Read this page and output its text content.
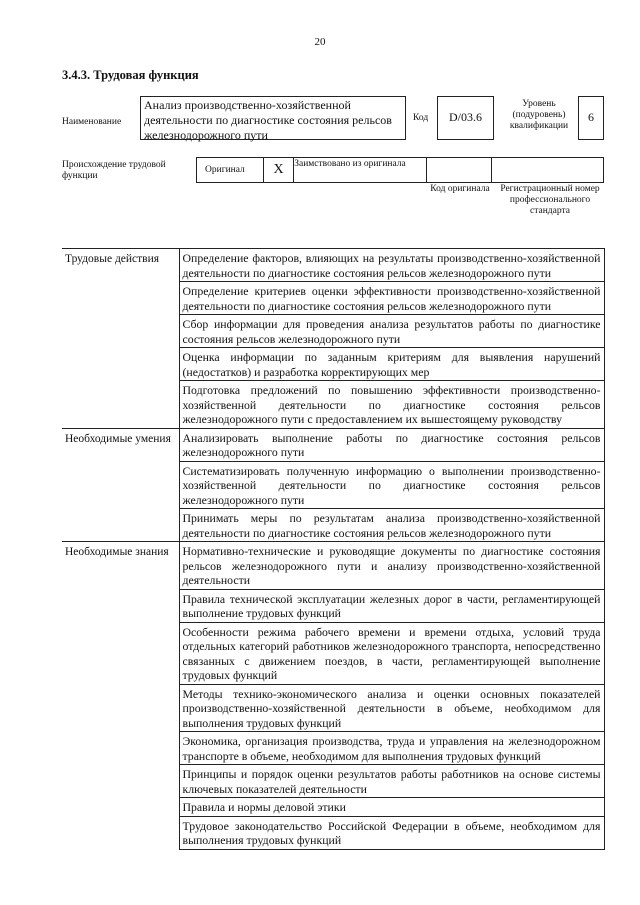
20
3.4.3. Трудовая функция
Наименование
Анализ производственно-хозяйственной деятельности по диагностике состояния рельсов железнодорожного пути
Код	D/03.6
Уровень (подуровень) квалификации
6
Происхождение трудовой функции
Оригинал	X	Заимствовано из оригинала
Код оригинала	Регистрационный номер профессионального стандарта
Трудовые действия	Определение факторов, влияющих на результаты производственно-хозяйственной деятельности по диагностике состояния рельсов железнодорожного пути
	Определение критериев оценки эффективности производственно-хозяйственной деятельности по диагностике состояния рельсов железнодорожного пути
	Сбор информации для проведения анализа результатов работы по диагностике состояния рельсов железнодорожного пути
	Оценка информации по заданным критериям для выявления нарушений (недостатков) и разработка корректирующих мер
	Подготовка предложений по повышению эффективности производственно-хозяйственной деятельности по диагностике состояния рельсов железнодорожного пути с предоставлением их вышестоящему руководству
Необходимые умения	Анализировать выполнение работы по диагностике состояния рельсов железнодорожного пути
	Систематизировать полученную информацию о выполнении производственно-хозяйственной деятельности по диагностике состояния рельсов железнодорожного пути
	Принимать меры по результатам анализа производственно-хозяйственной деятельности по диагностике состояния рельсов железнодорожного пути
Необходимые знания	Нормативно-технические и руководящие документы по диагностике состояния рельсов железнодорожного пути и анализу производственно-хозяйственной деятельности
	Правила технической эксплуатации железных дорог в части, регламентирующей выполнение трудовых функций
	Особенности режима рабочего времени и времени отдыха, условий труда отдельных категорий работников железнодорожного транспорта, непосредственно связанных с движением поездов, в части, регламентирующей выполнение трудовых функций
	Методы технико-экономического анализа и оценки основных показателей производственно-хозяйственной деятельности в объеме, необходимом для выполнения трудовых функций
	Экономика, организация производства, труда и управления на железнодорожном транспорте в объеме, необходимом для выполнения трудовых функций
	Принципы и порядок оценки результатов работы работников на основе системы ключевых показателей деятельности
	Правила и нормы деловой этики
	Трудовое законодательство Российской Федерации в объеме, необходимом для выполнения трудовых функций
